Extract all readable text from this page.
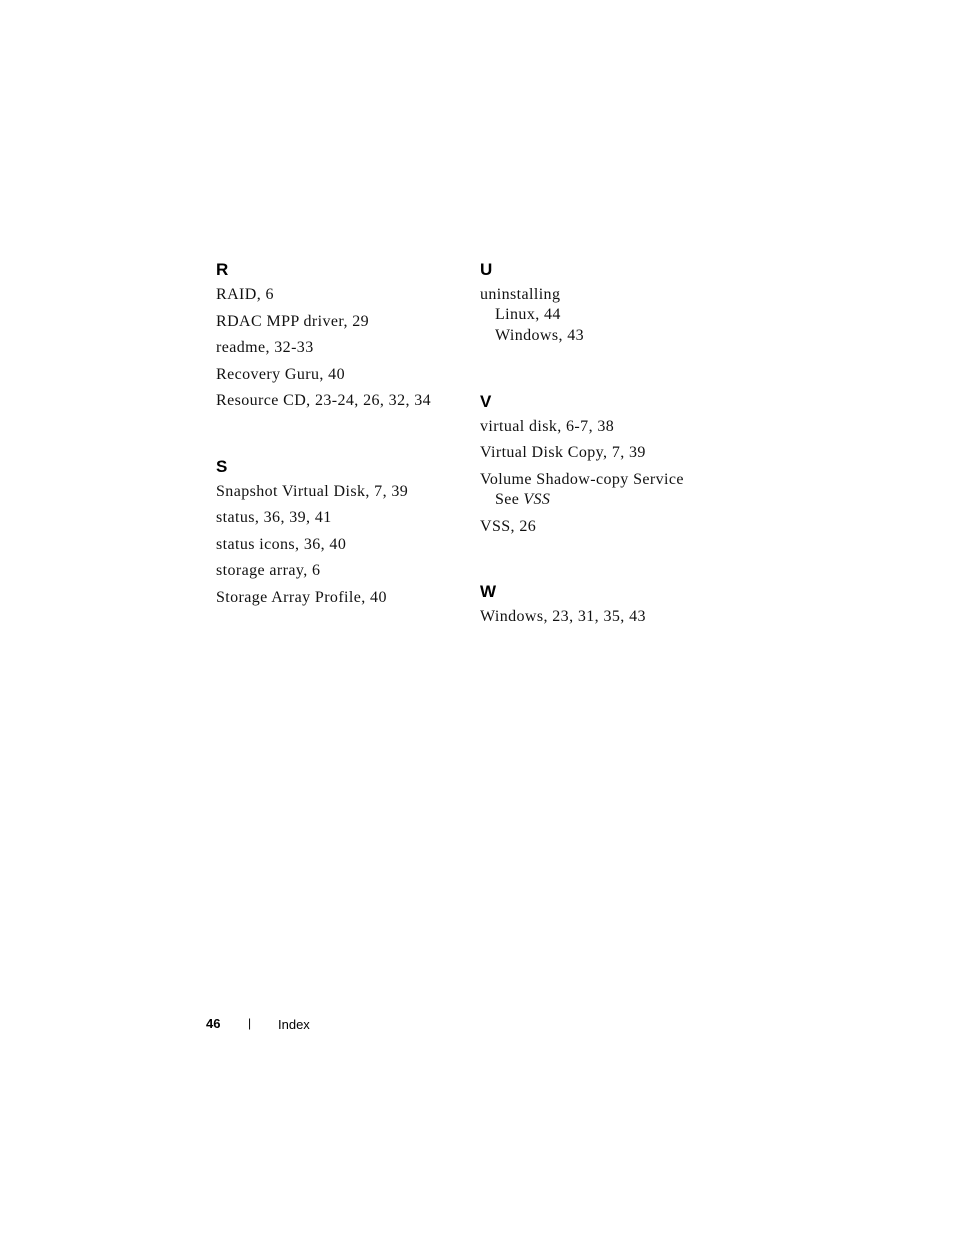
R
RAID, 6
RDAC MPP driver, 29
readme, 32-33
Recovery Guru, 40
Resource CD, 23-24, 26, 32, 34
S
Snapshot Virtual Disk, 7, 39
status, 36, 39, 41
status icons, 36, 40
storage array, 6
Storage Array Profile, 40
U
uninstalling
Linux, 44
Windows, 43
V
virtual disk, 6-7, 38
Virtual Disk Copy, 7, 39
Volume Shadow-copy Service
See VSS
VSS, 26
W
Windows, 23, 31, 35, 43
46 | Index
